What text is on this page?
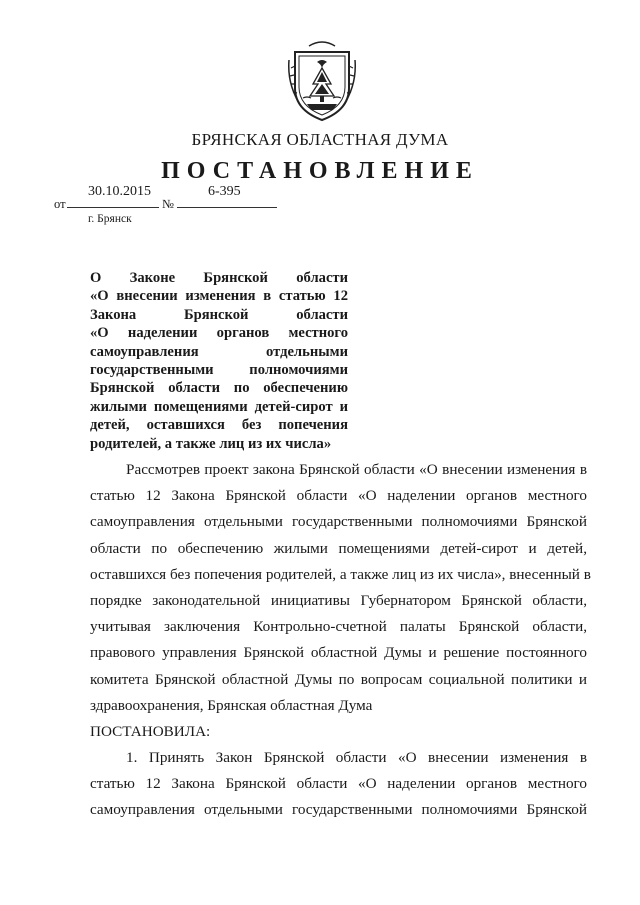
БРЯНСКАЯ ОБЛАСТНАЯ ДУМА
ПОСТАНОВЛЕНИЕ
от
30.10.2015
№
6-395
г. Брянск
О Законе Брянской области
«О внесении изменения в статью 12
Закона Брянской области
«О наделении органов местного
самоуправления отдельными
государственными полномочиями
Брянской области по обеспечению
жилыми помещениями детей-сирот и
детей, оставшихся без попечения
родителей, а также лиц из их числа»
Рассмотрев проект закона Брянской области «О внесении изменения в
статью 12 Закона Брянской области «О наделении органов местного
самоуправления отдельными государственными полномочиями Брянской
области по обеспечению жилыми помещениями детей-сирот и детей,
оставшихся без попечения родителей, а также лиц из их числа», внесенный в
порядке законодательной инициативы Губернатором Брянской области,
учитывая заключения Контрольно-счетной палаты Брянской области,
правового управления Брянской областной Думы и решение постоянного
комитета Брянской областной Думы по вопросам социальной политики и
здравоохранения, Брянская областная Дума
ПОСТАНОВИЛА:
1. Принять Закон Брянской области «О внесении изменения в
статью 12 Закона Брянской области «О наделении органов местного
самоуправления отдельными государственными полномочиями Брянской
